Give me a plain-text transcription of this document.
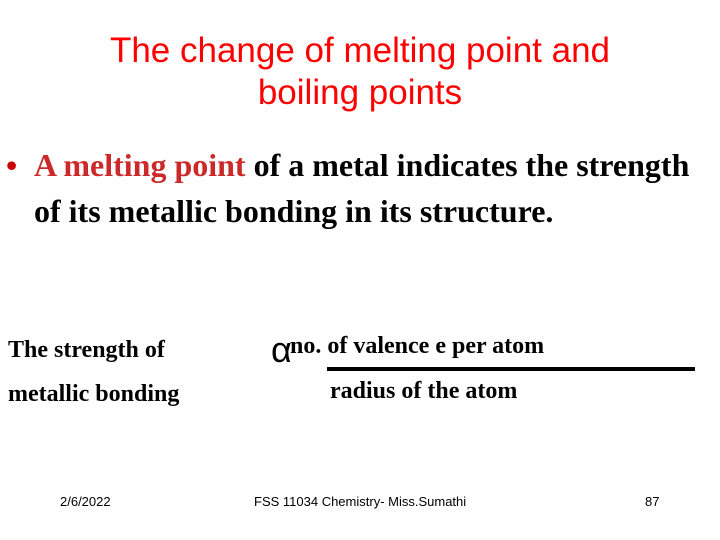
The change of melting point and
boiling points
• A melting point of a metal indicates the strength of its metallic bonding in its structure.
The strength of
metallic bonding
α
no. of valence e per atom
radius of the atom
2/6/2022	FSS 11034 Chemistry- Miss.Sumathi	87
